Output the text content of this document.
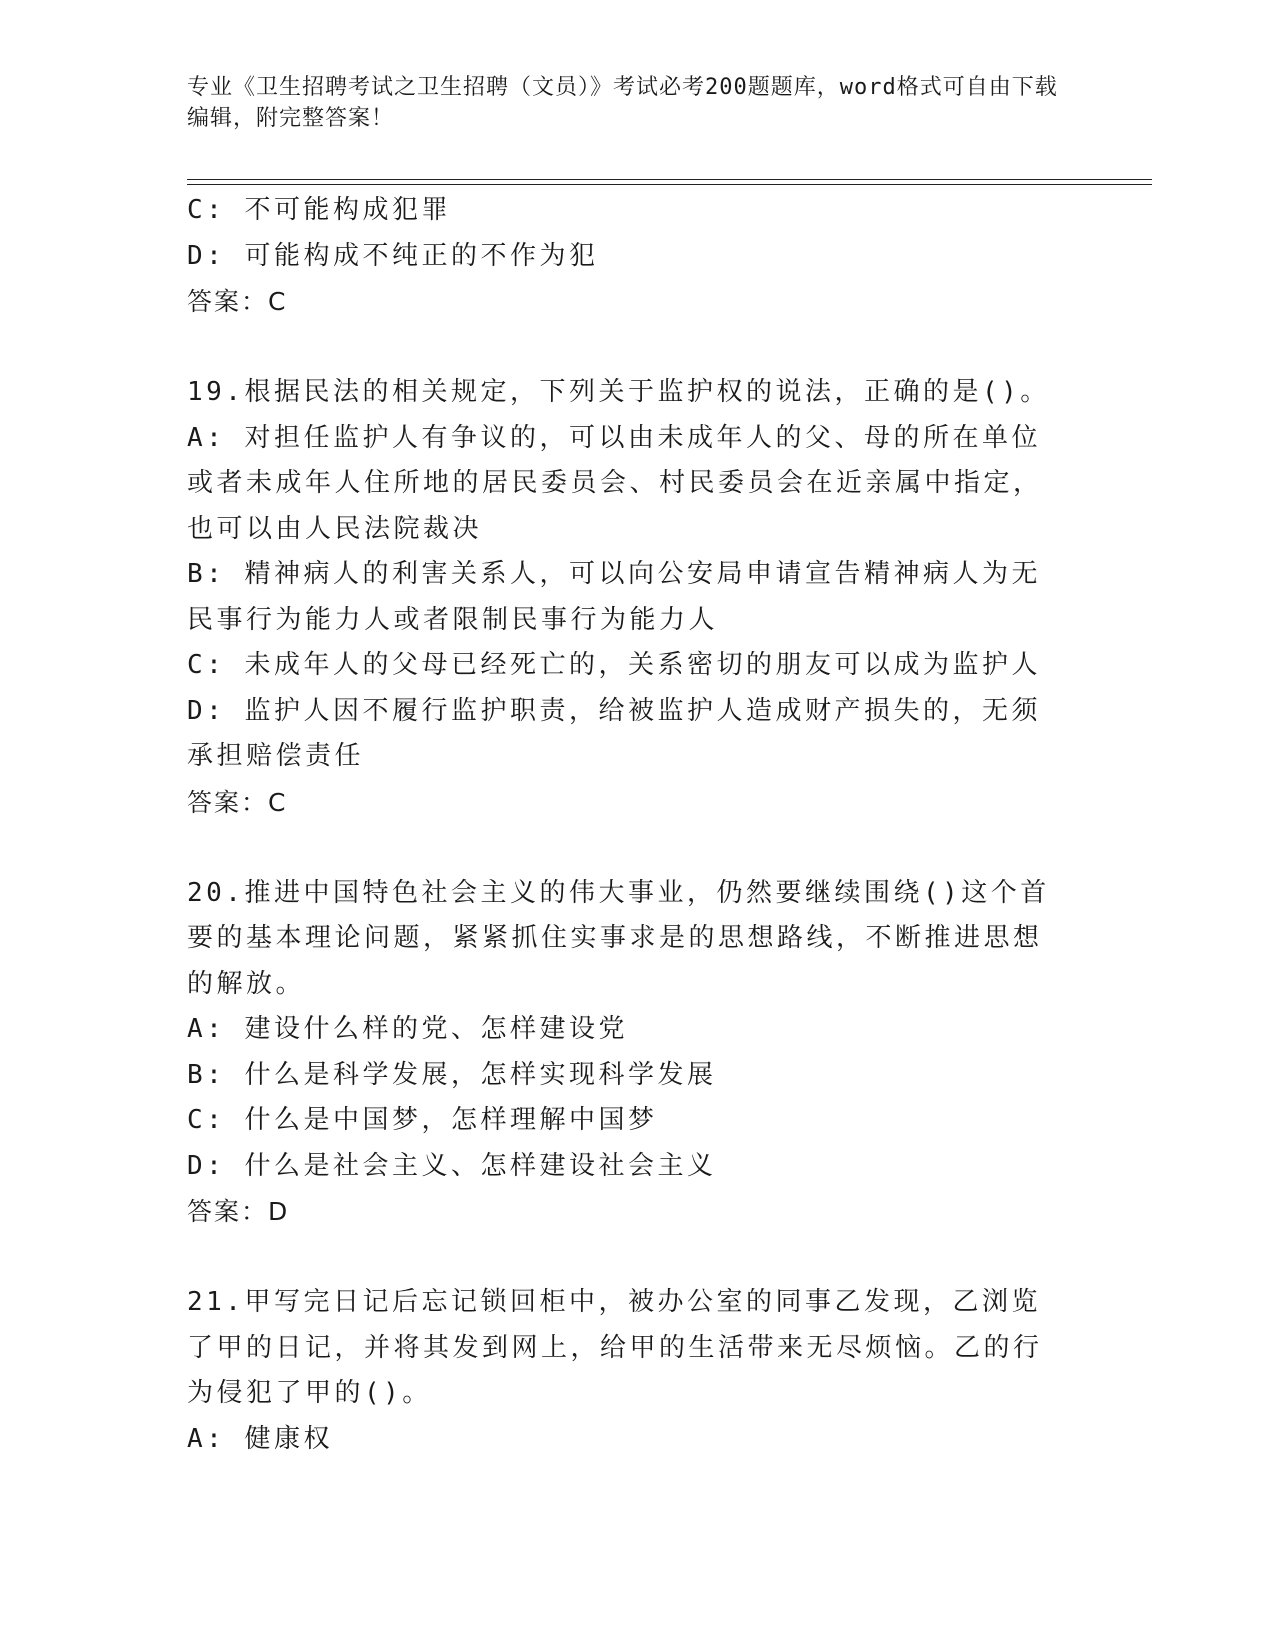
专业《卫生招聘考试之卫生招聘（文员）》考试必考200题题库，word格式可自由下载编辑，附完整答案！
C: 不可能构成犯罪
D: 可能构成不纯正的不作为犯
答案：C
19.根据民法的相关规定，下列关于监护权的说法，正确的是()。
A: 对担任监护人有争议的，可以由未成年人的父、母的所在单位或者未成年人住所地的居民委员会、村民委员会在近亲属中指定，也可以由人民法院裁决
B: 精神病人的利害关系人，可以向公安局申请宣告精神病人为无民事行为能力人或者限制民事行为能力人
C: 未成年人的父母已经死亡的，关系密切的朋友可以成为监护人
D: 监护人因不履行监护职责，给被监护人造成财产损失的，无须承担赔偿责任
答案：C
20.推进中国特色社会主义的伟大事业，仍然要继续围绕()这个首要的基本理论问题，紧紧抓住实事求是的思想路线，不断推进思想的解放。
A: 建设什么样的党、怎样建设党
B: 什么是科学发展，怎样实现科学发展
C: 什么是中国梦，怎样理解中国梦
D: 什么是社会主义、怎样建设社会主义
答案：D
21.甲写完日记后忘记锁回柜中，被办公室的同事乙发现，乙浏览了甲的日记，并将其发到网上，给甲的生活带来无尽烦恼。乙的行为侵犯了甲的()。
A: 健康权
